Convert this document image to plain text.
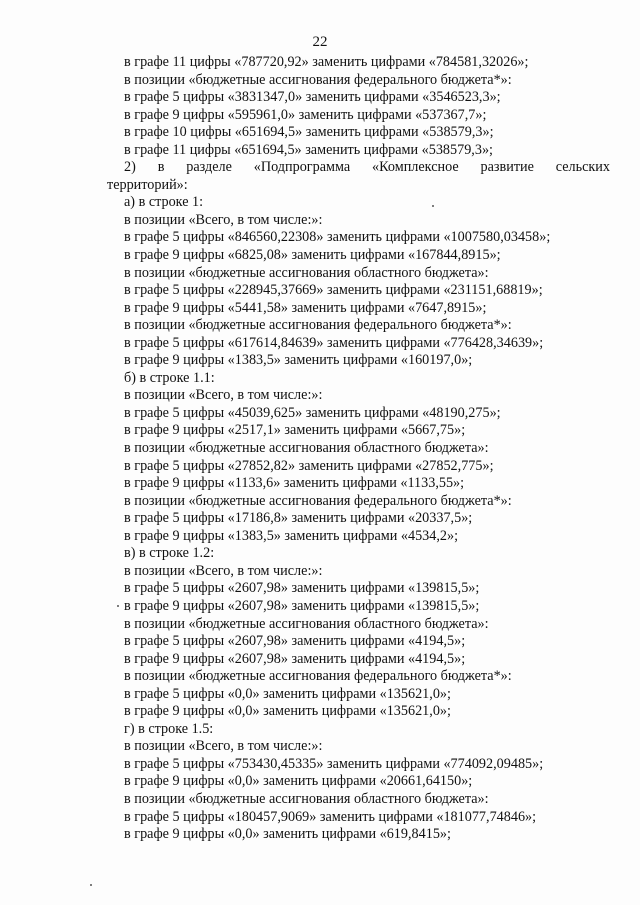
22
в графе 11 цифры «787720,92» заменить цифрами «784581,32026»;
в позиции «бюджетные ассигнования федерального бюджета*»:
в графе 5 цифры «3831347,0» заменить цифрами «3546523,3»;
в графе 9 цифры «595961,0» заменить цифрами «537367,7»;
в графе 10 цифры «651694,5» заменить цифрами «538579,3»;
в графе 11 цифры «651694,5» заменить цифрами «538579,3»;
2) в разделе «Подпрограмма «Комплексное развитие сельских
территорий»:
а) в строке 1:
в позиции «Всего, в том числе:»:
в графе 5 цифры «846560,22308» заменить цифрами «1007580,03458»;
в графе 9 цифры «6825,08» заменить цифрами «167844,8915»;
в позиции «бюджетные ассигнования областного бюджета»:
в графе 5 цифры «228945,37669» заменить цифрами «231151,68819»;
в графе 9 цифры «5441,58» заменить цифрами «7647,8915»;
в позиции «бюджетные ассигнования федерального бюджета*»:
в графе 5 цифры «617614,84639» заменить цифрами «776428,34639»;
в графе 9 цифры «1383,5» заменить цифрами «160197,0»;
б) в строке 1.1:
в позиции «Всего, в том числе:»:
в графе 5 цифры «45039,625» заменить цифрами «48190,275»;
в графе 9 цифры «2517,1» заменить цифрами «5667,75»;
в позиции «бюджетные ассигнования областного бюджета»:
в графе 5 цифры «27852,82» заменить цифрами «27852,775»;
в графе 9 цифры «1133,6» заменить цифрами «1133,55»;
в позиции «бюджетные ассигнования федерального бюджета*»:
в графе 5 цифры «17186,8» заменить цифрами «20337,5»;
в графе 9 цифры «1383,5» заменить цифрами «4534,2»;
в) в строке 1.2:
в позиции «Всего, в том числе:»:
в графе 5 цифры «2607,98» заменить цифрами «139815,5»;
в графе 9 цифры «2607,98» заменить цифрами «139815,5»;
в позиции «бюджетные ассигнования областного бюджета»:
в графе 5 цифры «2607,98» заменить цифрами «4194,5»;
в графе 9 цифры «2607,98» заменить цифрами «4194,5»;
в позиции «бюджетные ассигнования федерального бюджета*»:
в графе 5 цифры «0,0» заменить цифрами «135621,0»;
в графе 9 цифры «0,0» заменить цифрами «135621,0»;
г) в строке 1.5:
в позиции «Всего, в том числе:»:
в графе 5 цифры «753430,45335» заменить цифрами «774092,09485»;
в графе 9 цифры «0,0» заменить цифрами «20661,64150»;
в позиции «бюджетные ассигнования областного бюджета»:
в графе 5 цифры «180457,9069» заменить цифрами «181077,74846»;
в графе 9 цифры «0,0» заменить цифрами «619,8415»;
